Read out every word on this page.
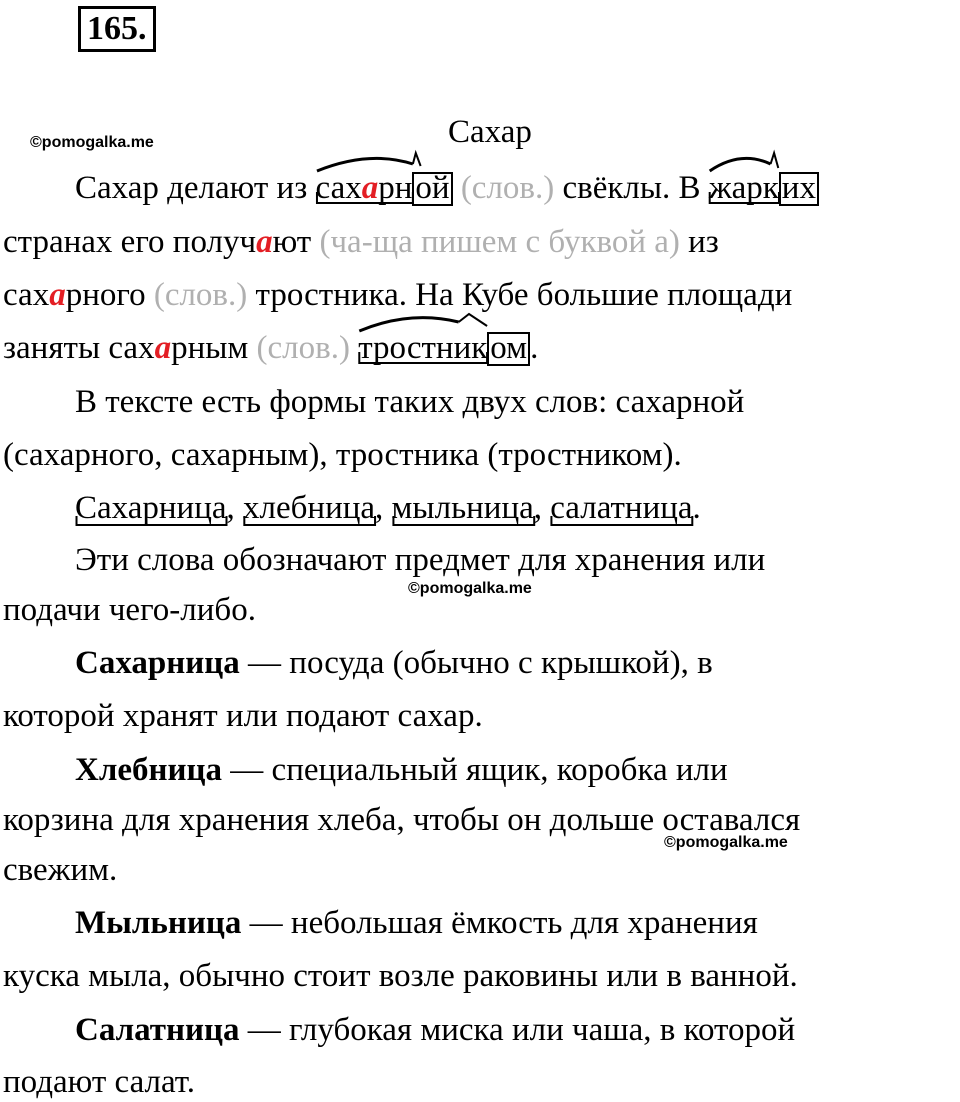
165.
©pomogalka.me
©pomogalka.me
©pomogalka.me
Сахар
Сахар делают из
сахарной (слов.) свёклы. В
жарких
странах его получают (ча-ща пишем с буквой а) из
сахарного (слов.) тростника. На Кубе большие площади
заняты сахарным (слов.) тростником.
В тексте есть формы таких двух слов: сахарной
(сахарного, сахарным), тростника (тростником).
Сахарница,
хлебница,
мыльница,
салатница.
Эти слова обозначают предмет для хранения или
подачи чего-либо.
Сахарница — посуда (обычно с крышкой), в
которой хранят или подают сахар.
Хлебница — специальный ящик, коробка или
корзина для хранения хлеба, чтобы он дольше оставался
свежим.
Мыльница — небольшая ёмкость для хранения
куска мыла, обычно стоит возле раковины или в ванной.
Салатница — глубокая миска или чаша, в которой
подают салат.
